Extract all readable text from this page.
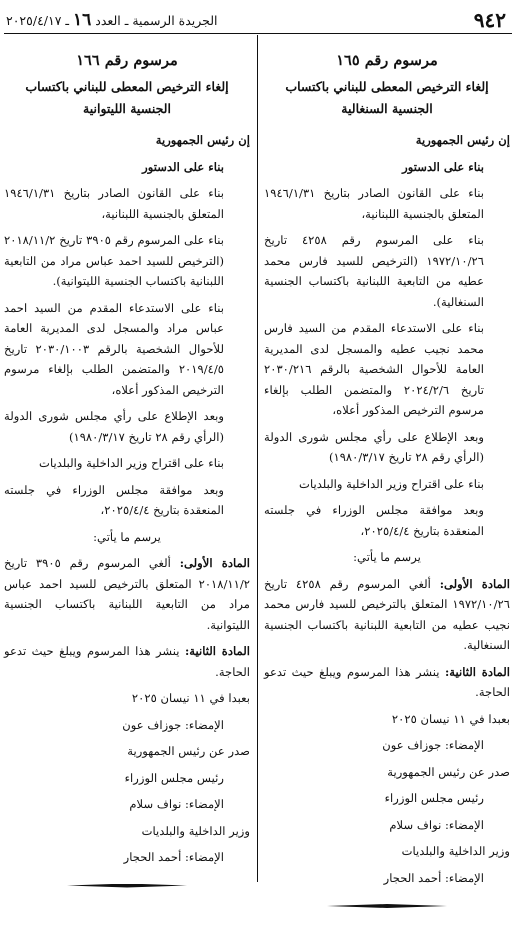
٩٤٢
الجريدة الرسمية ـ العدد ١٦ ـ ٢٠٢٥/٤/١٧
مرسوم رقم ١٦٥
إلغاء الترخيص المعطى للبناني باكتساب الجنسية السنغالية

إن رئيس الجمهورية

بناء على الدستور

بناء على القانون الصادر بتاريخ ١٩٤٦/١/٣١ المتعلق بالجنسية اللبنانية،

بناء على المرسوم رقم ٤٢٥٨ تاريخ ١٩٧٢/١٠/٢٦ (الترخيص للسيد فارس محمد عطيه من التابعية اللبنانية باكتساب الجنسية السنغالية).

بناء على الاستدعاء المقدم من السيد فارس محمد نجيب عطيه والمسجل لدى المديرية العامة للأحوال الشخصية بالرقم ٢٠٣٠/٢١٦ تاريخ ٢٠٢٤/٢/٦ والمتضمن الطلب بإلغاء مرسوم الترخيص المذكور أعلاه،

وبعد الإطلاع على رأي مجلس شورى الدولة (الرأي رقم ٢٨ تاريخ ١٩٨٠/٣/١٧)

بناء على اقتراح وزير الداخلية والبلديات

وبعد موافقة مجلس الوزراء في جلسته المنعقدة بتاريخ ٢٠٢٥/٤/٤،

يرسم ما يأتي:

المادة الأولى: ألغي المرسوم رقم ٤٢٥٨ تاريخ ١٩٧٢/١٠/٢٦ المتعلق بالترخيص للسيد فارس محمد نجيب عطيه من التابعية اللبنانية باكتساب الجنسية السنغالية.

المادة الثانية: ينشر هذا المرسوم ويبلغ حيث تدعو الحاجة.

بعبدا في ١١ نيسان ٢٠٢٥

الإمضاء: جوزاف عون

صدر عن رئيس الجمهورية

رئيس مجلس الوزراء

الإمضاء: نواف سلام

وزير الداخلية والبلديات

الإمضاء: أحمد الحجار

مرسوم رقم ١٦٦
إلغاء الترخيص المعطى للبناني باكتساب الجنسية الليتوانية

إن رئيس الجمهورية

بناء على الدستور

بناء على القانون الصادر بتاريخ ١٩٤٦/١/٣١ المتعلق بالجنسية اللبنانية،

بناء على المرسوم رقم ٣٩٠٥ تاريخ ٢٠١٨/١١/٢ (الترخيص للسيد احمد عباس مراد من التابعية اللبنانية باكتساب الجنسية الليتوانية).

بناء على الاستدعاء المقدم من السيد احمد عباس مراد والمسجل لدى المديرية العامة للأحوال الشخصية بالرقم ٢٠٣٠/١٠٠٣ تاريخ ٢٠١٩/٤/٥ والمتضمن الطلب بإلغاء مرسوم الترخيص المذكور أعلاه،

وبعد الإطلاع على رأي مجلس شورى الدولة (الرأي رقم ٢٨ تاريخ ١٩٨٠/٣/١٧)

بناء على اقتراح وزير الداخلية والبلديات

وبعد موافقة مجلس الوزراء في جلسته المنعقدة بتاريخ ٢٠٢٥/٤/٤،

يرسم ما يأتي:

المادة الأولى: ألغي المرسوم رقم ٣٩٠٥ تاريخ ٢٠١٨/١١/٢ المتعلق بالترخيص للسيد احمد عباس مراد من التابعية اللبنانية باكتساب الجنسية الليتوانية.

المادة الثانية: ينشر هذا المرسوم ويبلغ حيث تدعو الحاجة.

بعبدا في ١١ نيسان ٢٠٢٥

الإمضاء: جوزاف عون

صدر عن رئيس الجمهورية

رئيس مجلس الوزراء

الإمضاء: نواف سلام

وزير الداخلية والبلديات

الإمضاء: أحمد الحجار
